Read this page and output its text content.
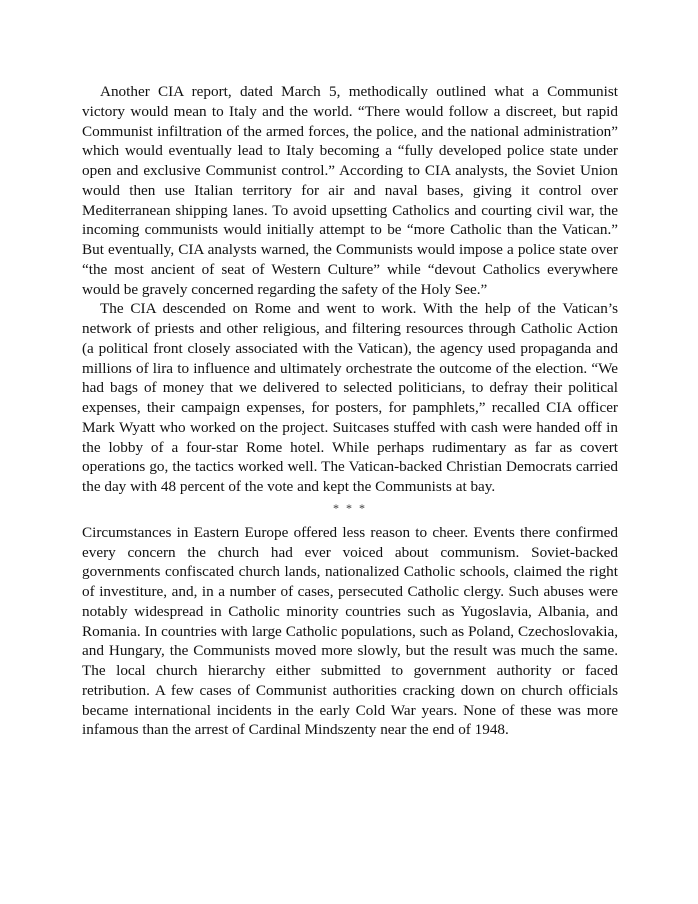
Another CIA report, dated March 5, methodically outlined what a Communist victory would mean to Italy and the world. “There would follow a discreet, but rapid Communist infiltration of the armed forces, the police, and the national administration” which would eventually lead to Italy becoming a “fully developed police state under open and exclusive Communist control.” According to CIA analysts, the Soviet Union would then use Italian territory for air and naval bases, giving it control over Mediterranean shipping lanes. To avoid upsetting Catholics and courting civil war, the incoming communists would initially attempt to be “more Catholic than the Vatican.” But eventually, CIA analysts warned, the Communists would impose a police state over “the most ancient of seat of Western Culture” while “devout Catholics everywhere would be gravely concerned regarding the safety of the Holy See.”

The CIA descended on Rome and went to work. With the help of the Vatican’s network of priests and other religious, and filtering resources through Catholic Action (a political front closely associated with the Vatican), the agency used propaganda and millions of lira to influence and ultimately orchestrate the outcome of the election. “We had bags of money that we delivered to selected politicians, to defray their political expenses, their campaign expenses, for posters, for pamphlets,” recalled CIA officer Mark Wyatt who worked on the project. Suitcases stuffed with cash were handed off in the lobby of a four-star Rome hotel. While perhaps rudimentary as far as covert operations go, the tactics worked well. The Vatican-backed Christian Democrats carried the day with 48 percent of the vote and kept the Communists at bay.

* * *

Circumstances in Eastern Europe offered less reason to cheer. Events there confirmed every concern the church had ever voiced about communism. Soviet-backed governments confiscated church lands, nationalized Catholic schools, claimed the right of investiture, and, in a number of cases, persecuted Catholic clergy. Such abuses were notably widespread in Catholic minority countries such as Yugoslavia, Albania, and Romania. In countries with large Catholic populations, such as Poland, Czechoslovakia, and Hungary, the Communists moved more slowly, but the result was much the same. The local church hierarchy either submitted to government authority or faced retribution. A few cases of Communist authorities cracking down on church officials became international incidents in the early Cold War years. None of these was more infamous than the arrest of Cardinal Mindszenty near the end of 1948.
